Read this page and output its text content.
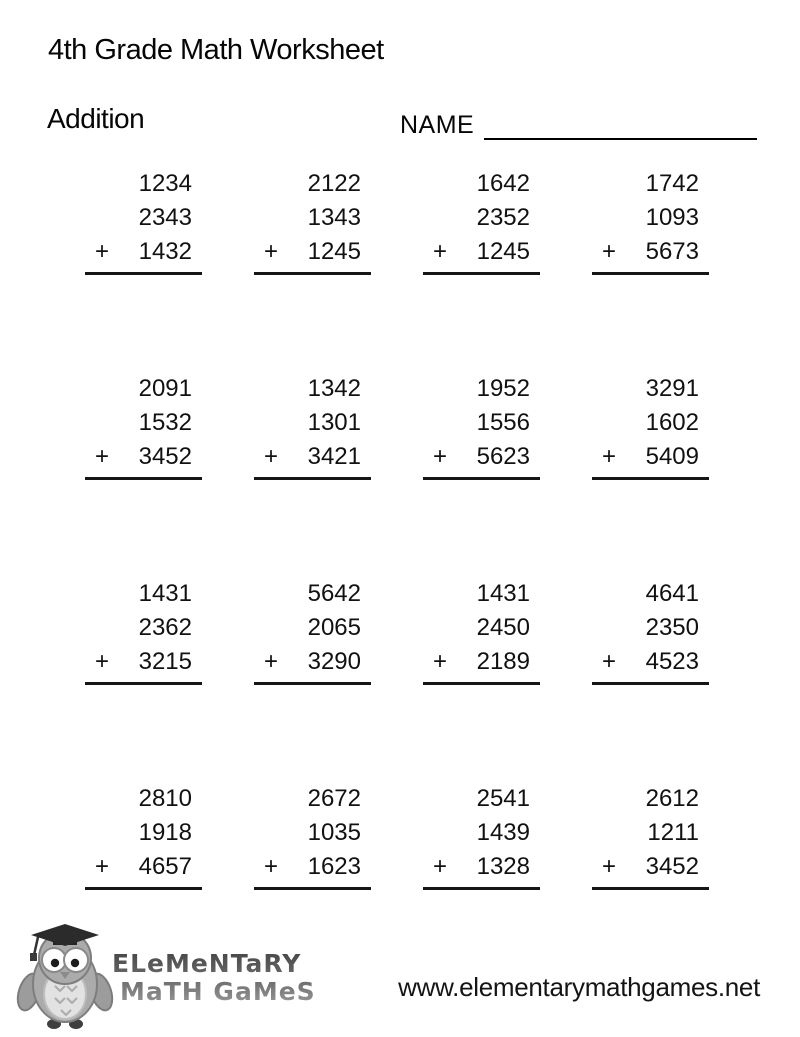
4th Grade Math Worksheet
Addition	NAME
1234
2343
+ 1432
2122
1343
+ 1245
1642
2352
+ 1245
1742
1093
+ 5673
2091
1532
+ 3452
1342
1301
+ 3421
1952
1556
+ 5623
3291
1602
+ 5409
1431
2362
+ 3215
5642
2065
+ 3290
1431
2450
+ 2189
4641
2350
+ 4523
2810
1918
+ 4657
2672
1035
+ 1623
2541
1439
+ 1328
2612
1211
+ 3452
ELeMeNTaRY
MaTH GaMeS	www.elementarymathgames.net
